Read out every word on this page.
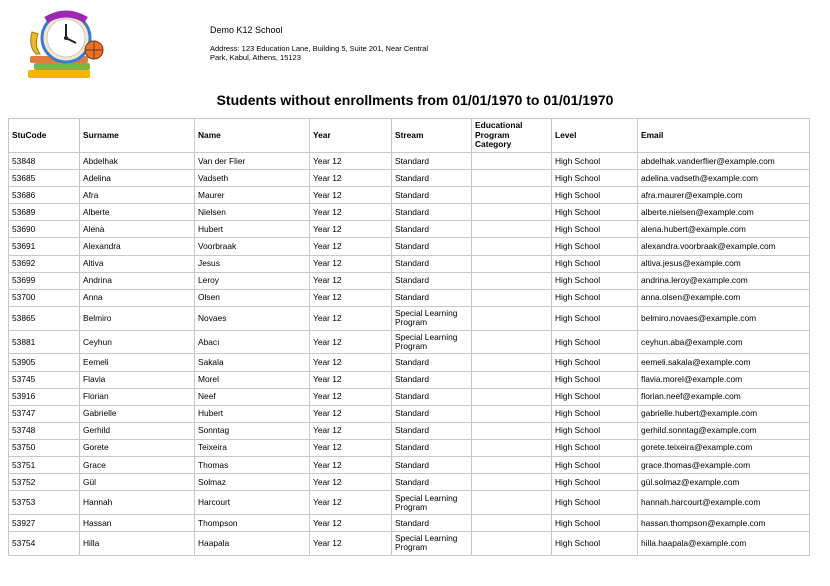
Demo K12 School
Address: 123 Education Lane, Building 5, Suite 201, Near Central Park, Kabul, Athens, 15123
Students without enrollments from 01/01/1970 to 01/01/1970
StuCode	Surname	Name	Year	Stream	Educational Program Category	Level	Email
53848	Abdelhak	Van der Flier	Year 12	Standard		High School	abdelhak.vanderflier@example.com
53685	Adelina	Vadseth	Year 12	Standard		High School	adelina.vadseth@example.com
53686	Afra	Maurer	Year 12	Standard		High School	afra.maurer@example.com
53689	Alberte	Nielsen	Year 12	Standard		High School	alberte.nielsen@example.com
53690	Alena	Hubert	Year 12	Standard		High School	alena.hubert@example.com
53691	Alexandra	Voorbraak	Year 12	Standard		High School	alexandra.voorbraak@example.com
53692	Altiva	Jesus	Year 12	Standard		High School	altiva.jesus@example.com
53699	Andrina	Leroy	Year 12	Standard		High School	andrina.leroy@example.com
53700	Anna	Olsen	Year 12	Standard		High School	anna.olsen@example.com
53865	Belmiro	Novaes	Year 12	Special Learning Program		High School	belmiro.novaes@example.com
53881	Ceyhun	Abacı	Year 12	Special Learning Program		High School	ceyhun.aba@example.com
53905	Eemeli	Sakala	Year 12	Standard		High School	eemeli.sakala@example.com
53745	Flavia	Morel	Year 12	Standard		High School	flavia.morel@example.com
53916	Florian	Neef	Year 12	Standard		High School	florian.neef@example.com
53747	Gabrielle	Hubert	Year 12	Standard		High School	gabrielle.hubert@example.com
53748	Gerhild	Sonntag	Year 12	Standard		High School	gerhild.sonntag@example.com
53750	Gorete	Teixeira	Year 12	Standard		High School	gorete.teixeira@example.com
53751	Grace	Thomas	Year 12	Standard		High School	grace.thomas@example.com
53752	Gül	Solmaz	Year 12	Standard		High School	gül.solmaz@example.com
53753	Hannah	Harcourt	Year 12	Special Learning Program		High School	hannah.harcourt@example.com
53927	Hassan	Thompson	Year 12	Standard		High School	hassan.thompson@example.com
53754	Hilla	Haapala	Year 12	Special Learning Program		High School	hilla.haapala@example.com
